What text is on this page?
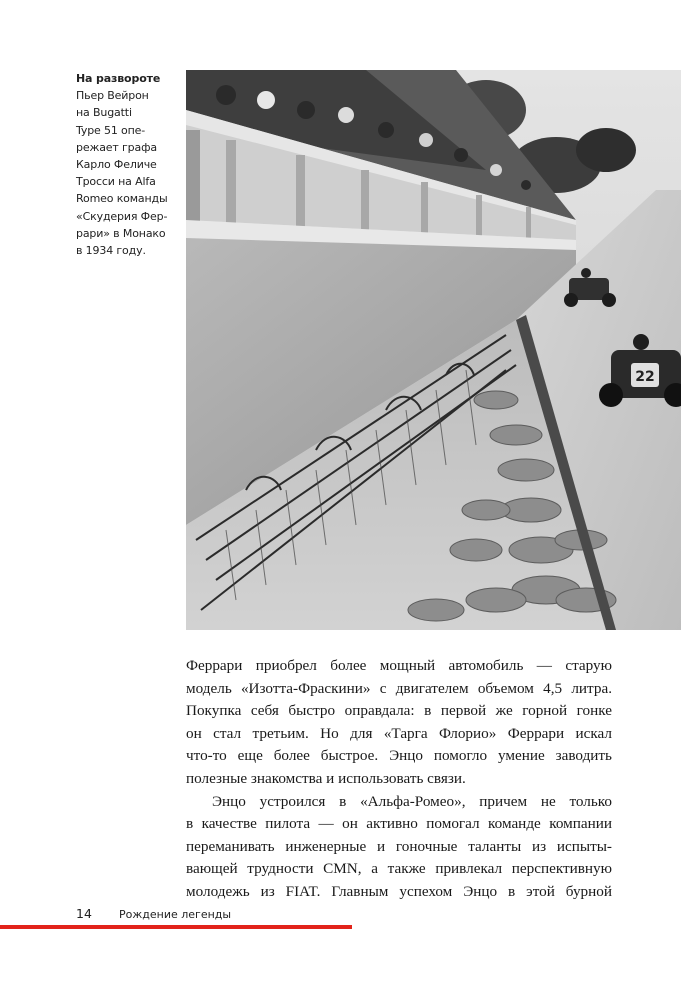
На развороте
Пьер Вейрон
на Bugatti
Type 51 опе-
режает графа
Карло Феличе
Тросси на Alfa
Romeo команды
«Скудерия Фер-
рари» в Монако
в 1934 году.
22
Феррари приобрел более мощный автомобиль — старую
модель «Изотта-Фраскини» с двигателем объемом 4,5 литра.
Покупка себя быстро оправдала: в первой же горной гонке
он стал третьим. Но для «Тарга Флорио» Феррари искал
что-то еще более быстрое. Энцо помогло умение заводить
полезные знакомства и использовать связи.
Энцо устроился в «Альфа-Ромео», причем не только
в качестве пилота — он активно помогал команде компании
переманивать инженерные и гоночные таланты из испыты-
вающей трудности CMN, а также привлекал перспективную
молодежь из FIAT. Главным успехом Энцо в этой бурной
14 Рождение легенды
